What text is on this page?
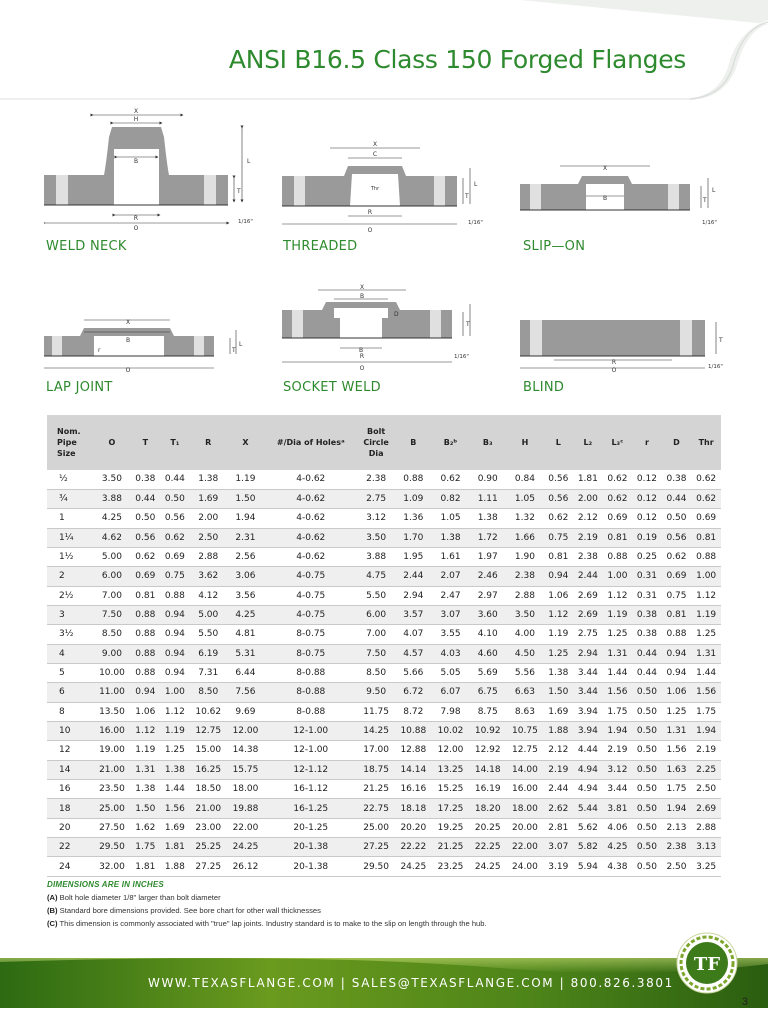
ANSI B16.5 Class 150 Forged Flanges
X
H
B	L
T
R
O
1/16"
WELD NECK
X
C
Thr
L
T
R
O
1/16"
THREADED
X
B
L
T
1/16"
SLIP—ON
X
B
r
L
T
O
LAP JOINT
X
B
D
T
B
R
O
1/16"
SOCKET WELD
T
R
O	1/16"
BLIND
Nom.
Pipe
Size	O	T	T₁	R	X	#/Dia of Holesᵃ	Bolt
Circle
Dia	B	B₂ᵇ	B₃	H	L	L₂	L₃ᶜ	r	D	Thr
½	3.50	0.38	0.44	1.38	1.19	4-0.62	2.38	0.88	0.62	0.90	0.84	0.56	1.81	0.62	0.12	0.38	0.62
¾	3.88	0.44	0.50	1.69	1.50	4-0.62	2.75	1.09	0.82	1.11	1.05	0.56	2.00	0.62	0.12	0.44	0.62
1	4.25	0.50	0.56	2.00	1.94	4-0.62	3.12	1.36	1.05	1.38	1.32	0.62	2.12	0.69	0.12	0.50	0.69
1¼	4.62	0.56	0.62	2.50	2.31	4-0.62	3.50	1.70	1.38	1.72	1.66	0.75	2.19	0.81	0.19	0.56	0.81
1½	5.00	0.62	0.69	2.88	2.56	4-0.62	3.88	1.95	1.61	1.97	1.90	0.81	2.38	0.88	0.25	0.62	0.88
2	6.00	0.69	0.75	3.62	3.06	4-0.75	4.75	2.44	2.07	2.46	2.38	0.94	2.44	1.00	0.31	0.69	1.00
2½	7.00	0.81	0.88	4.12	3.56	4-0.75	5.50	2.94	2.47	2.97	2.88	1.06	2.69	1.12	0.31	0.75	1.12
3	7.50	0.88	0.94	5.00	4.25	4-0.75	6.00	3.57	3.07	3.60	3.50	1.12	2.69	1.19	0.38	0.81	1.19
3½	8.50	0.88	0.94	5.50	4.81	8-0.75	7.00	4.07	3.55	4.10	4.00	1.19	2.75	1.25	0.38	0.88	1.25
4	9.00	0.88	0.94	6.19	5.31	8-0.75	7.50	4.57	4.03	4.60	4.50	1.25	2.94	1.31	0.44	0.94	1.31
5	10.00	0.88	0.94	7.31	6.44	8-0.88	8.50	5.66	5.05	5.69	5.56	1.38	3.44	1.44	0.44	0.94	1.44
6	11.00	0.94	1.00	8.50	7.56	8-0.88	9.50	6.72	6.07	6.75	6.63	1.50	3.44	1.56	0.50	1.06	1.56
8	13.50	1.06	1.12	10.62	9.69	8-0.88	11.75	8.72	7.98	8.75	8.63	1.69	3.94	1.75	0.50	1.25	1.75
10	16.00	1.12	1.19	12.75	12.00	12-1.00	14.25	10.88	10.02	10.92	10.75	1.88	3.94	1.94	0.50	1.31	1.94
12	19.00	1.19	1.25	15.00	14.38	12-1.00	17.00	12.88	12.00	12.92	12.75	2.12	4.44	2.19	0.50	1.56	2.19
14	21.00	1.31	1.38	16.25	15.75	12-1.12	18.75	14.14	13.25	14.18	14.00	2.19	4.94	3.12	0.50	1.63	2.25
16	23.50	1.38	1.44	18.50	18.00	16-1.12	21.25	16.16	15.25	16.19	16.00	2.44	4.94	3.44	0.50	1.75	2.50
18	25.00	1.50	1.56	21.00	19.88	16-1.25	22.75	18.18	17.25	18.20	18.00	2.62	5.44	3.81	0.50	1.94	2.69
20	27.50	1.62	1.69	23.00	22.00	20-1.25	25.00	20.20	19.25	20.25	20.00	2.81	5.62	4.06	0.50	2.13	2.88
22	29.50	1.75	1.81	25.25	24.25	20-1.38	27.25	22.22	21.25	22.25	22.00	3.07	5.82	4.25	0.50	2.38	3.13
24	32.00	1.81	1.88	27.25	26.12	20-1.38	29.50	24.25	23.25	24.25	24.00	3.19	5.94	4.38	0.50	2.50	3.25
DIMENSIONS ARE IN INCHES
(A) Bolt hole diameter 1/8" larger than bolt diameter
(B) Standard bore dimensions provided. See bore chart for other wall thicknesses
(C) This dimension is commonly associated with "true" lap joints. Industry standard is to make to the slip on length through the hub.
WWW.TEXASFLANGE.COM | SALES@TEXASFLANGE.COM | 800.826.3801
TF
3
